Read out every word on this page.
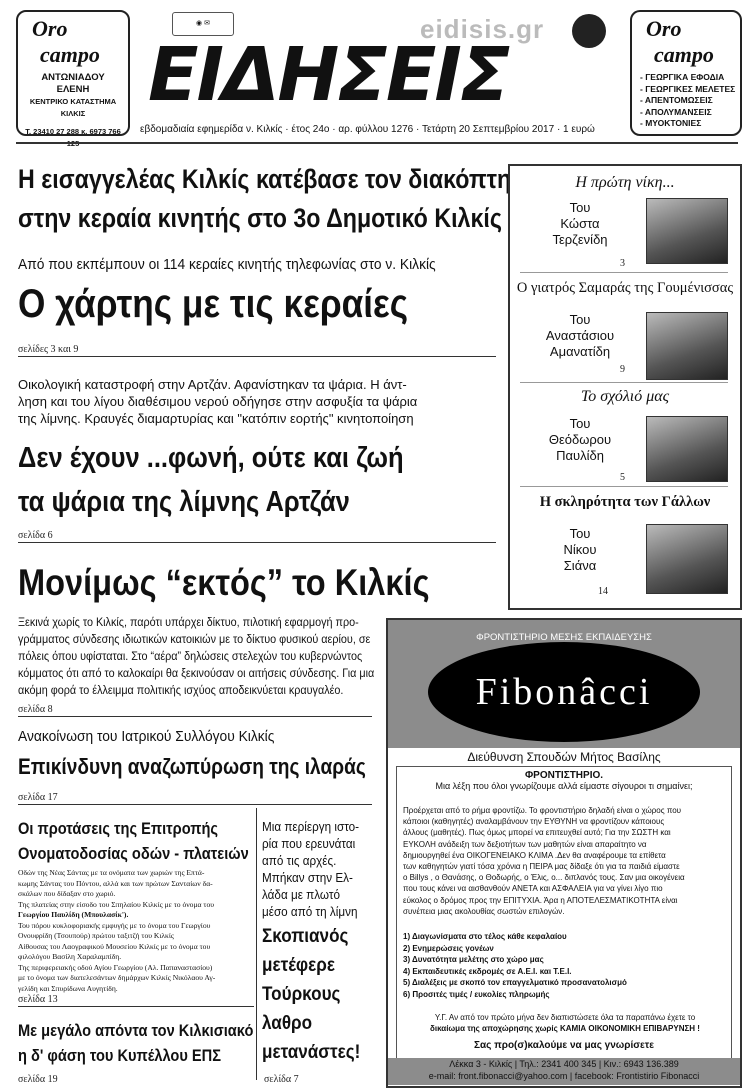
Oro
campo
ΑΝΤΩΝΙΑΔΟΥ
ΕΛΕΝΗ
ΚΕΝΤΡΙΚΟ ΚΑΤΑΣΤΗΜΑ ΚΙΛΚΙΣ
Τ. 23410 27 288 κ. 6973 766
eidisis.gr
◉ ✉
ΕΙΔΗΣΕΙΣ
εβδομαδιαία εφημερίδα ν. Κιλκίς · έτος 24ο · αρ. φύλλου 1276 · Τετάρτη 20 Σεπτεμβρίου 2017 · 1 ευρώ
Oro
campo
- ΓΕΩΡΓΙΚΑ ΕΦΟΔΙΑ
- ΓΕΩΡΓΙΚΕΣ ΜΕΛΕΤΕΣ
- ΑΠΕΝΤΟΜΩΣΕΙΣ
- ΑΠΟΛΥΜΑΝΣΕΙΣ
- ΜΥΟΚΤΟΝΙΕΣ
Η εισαγγελέας Κιλκίς κατέβασε τον διακόπτη
στην κεραία κινητής στο 3ο Δημοτικό Κιλκίς
Από που εκπέμπουν οι 114 κεραίες κινητής τηλεφωνίας στο ν. Κιλκίς
Ο χάρτης με τις κεραίες
σελίδες 3 και 9
Οικολογική καταστροφή στην Αρτζάν. Αφανίστηκαν τα ψάρια. Η άντ-
ληση και του λίγου διαθέσιμου νερού οδήγησε στην ασφυξία τα ψάρια
της λίμνης. Κραυγές διαμαρτυρίας και "κατόπιν εορτής" κινητοποίηση
Δεν έχουν ...φωνή, ούτε και ζωή
τα ψάρια της λίμνης Αρτζάν
σελίδα 6
Μονίμως “εκτός” το Κιλκίς
Ξεκινά χωρίς το Κιλκίς, παρότι υπάρχει δίκτυο, πιλοτική εφαρμογή προ-
γράμματος σύνδεσης ιδιωτικών κατοικιών με το δίκτυο φυσικού αερίου, σε
πόλεις όπου υφίσταται. Στο “αέρα” δηλώσεις στελεχών του κυβερνώντος
κόμματος ότι από το καλοκαίρι θα ξεκινούσαν οι αιτήσεις σύνδεσης. Για μια
ακόμη φορά το έλλειμμα πολιτικής ισχύος αποδεικνύεται κραυγαλέο.
σελίδα 8
Ανακοίνωση του Ιατρικού Συλλόγου Κιλκίς
Επικίνδυνη αναζωπύρωση της ιλαράς
σελίδα 17
Οι προτάσεις της Επιτροπής
Ονοματοδοσίας οδών - πλατειών
Οδών της Νέας Σάντας με τα ονόματα των χωριών της Επτά-
κωμης Σάντας του Πόντου, αλλά και των πρώτων Σανταίων δα-
σκάλων που δίδαξαν στο χωριό.
Της πλατείας στην είσοδο του Σπηλαίου Κιλκίς με το όνομα του
Γεωργίου Παυλίδη (Μπουλασίκ').
Του πόρου κυκλοφοριακής εμφυγής με το όνομα του Γεωργίου
Ονουφρίδη (Τσουπούρ) πρώτου ταξιτζή του Κιλκίς
Αίθουσας του Λαογραφικού Μουσείου Κιλκίς με το όνομα του
φιλολόγου Βασίλη Χαραλαμπίδη.
Της περιφερειακής οδού Αγίου Γεωργίου (Αλ. Παπαναστασίου)
με το όνομα των διατελεσάντων δημάρχων Κιλκίς Νικόλαου Αγ-
γελίδη και Σπυρίδωνα Αυγητίδη.
σελίδα 13
Μια περίεργη ιστο-
ρία που ερευνάται
από τις αρχές.
Μπήκαν στην Ελ-
λάδα με πλωτό
μέσο από τη λίμνη
Σκοπιανός
μετέφερε
Τούρκους
λαθρο
μετανάστες!
σελίδα 7
Με μεγάλο απόντα τον Κιλκισιακό
η δ' φάση του Κυπέλλου ΕΠΣ
σελίδα 19
Η πρώτη νίκη...
Του
Κώστα
Τερζενίδη
3
Ο γιατρός Σαμαράς της Γουμένισσας
Του
Αναστάσιου
Αμανατίδη
9
Το σχόλιό μας
Του
Θεόδωρου
Παυλίδη
5
Η σκληρότητα των Γάλλων
Του
Νίκου
Σιάνα
14
ΦΡΟΝΤΙΣΤΗΡΙΟ ΜΕΣΗΣ ΕΚΠΑΙΔΕΥΣΗΣ
Fibonâcci
Διεύθυνση Σπουδών Μήτος Βασίλης
ΦΡΟΝΤΙΣΤΗΡΙΟ.
Μια λέξη που όλοι γνωρίζουμε αλλά είμαστε σίγουροι τι σημαίνει;
Προέρχεται από το ρήμα φροντίζω. Το φροντιστήριο δηλαδή είναι ο χώρος που
κάποιοι (καθηγητές) αναλαμβάνουν την ΕΥΘΥΝΗ να φροντίζουν κάποιους
άλλους (μαθητές). Πως όμως μπορεί να επιτευχθεί αυτό; Για την ΣΩΣΤΗ και
ΕΥΚΟΛΗ ανάδειξη των δεξιοτήτων των μαθητών είναι απαραίτητο να
δημιουργηθεί ένα ΟΙΚΟΓΕΝΕΙΑΚΟ ΚΛΙΜΑ .Δεν θα αναφέρουμε τα επίθετα
των καθηγητών γιατί τόσα χρόνια η ΠΕΙΡΑ μας δίδαξε ότι για τα παιδιά είμαστε
ο Billys , ο Θανάσης, ο Θοδωρής, ο Έλις, ο... διπλανός τους. Σαν μια οικογένεια
που τους κάνει να αισθανθούν ΑΝΕΤΑ και ΑΣΦΑΛΕΙΑ για να γίνει λίγο πιο
εύκολος ο δρόμος προς την ΕΠΙΤΥΧΙΑ. Άρα η ΑΠΟΤΕΛΕΣΜΑΤΙΚΟΤΗΤΑ είναι
συνέπεια μιας ακολουθίας σωστών επιλογών.
1) Διαγωνίσματα στο τέλος κάθε κεφαλαίου
2) Ενημερώσεις γονέων
3) Δυνατότητα μελέτης στο χώρο μας
4) Εκπαιδευτικές εκδρομές σε Α.Ε.Ι. και Τ.Ε.Ι.
5) Διαλέξεις με σκοπό τον επαγγελματικό προσανατολισμό
6) Προσιτές τιμές / ευκολίες πληρωμής
Υ.Γ. Αν από τον πρώτο μήνα δεν διαπιστώσετε όλα τα παραπάνω έχετε το
δικαίωμα της αποχώρησης χωρίς ΚΑΜΙΑ ΟΙΚΟΝΟΜΙΚΗ ΕΠΙΒΑΡΥΝΣΗ !
Σας προ(σ)καλούμε να μας γνωρίσετε
Λέκκα 3 - Κιλκίς | Τηλ.: 2341 400 345 | Κιν.: 6943 136.389
e-mail: front.fibonacci@yahoo.com | facebook: Frontistirio Fibonacci
